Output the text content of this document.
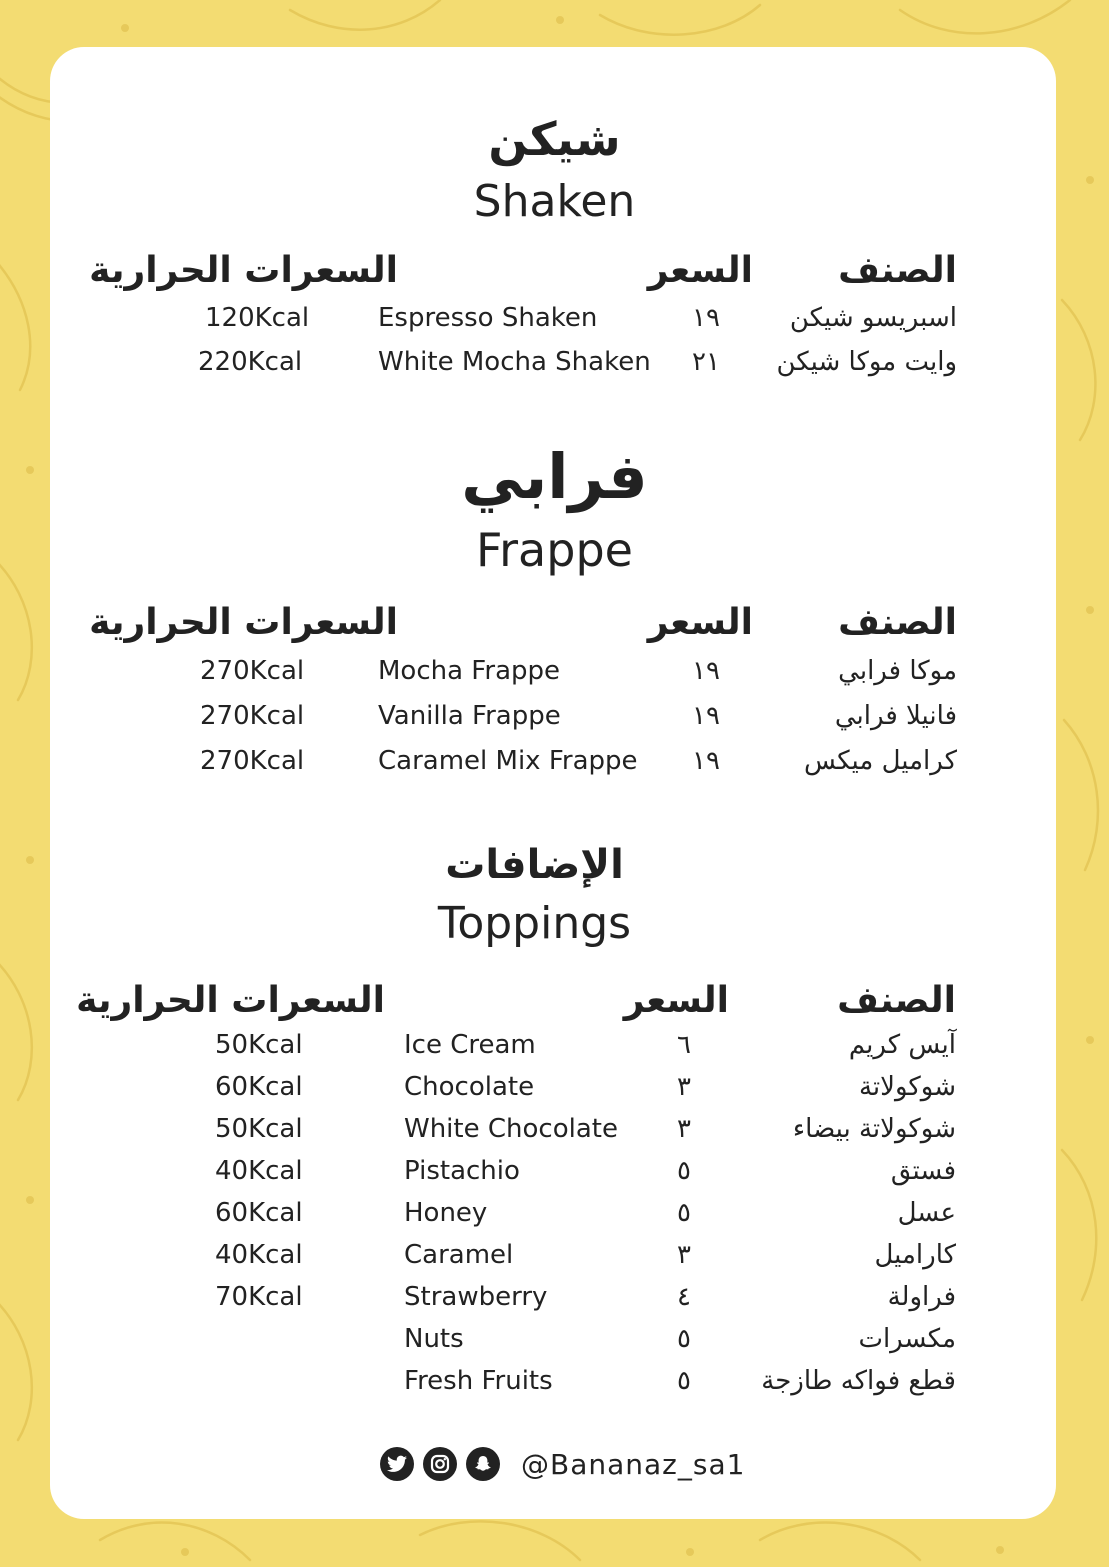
شيكن
Shaken
الصنف
السعر
السعرات الحرارية
اسبريسو شيكن
١٩
Espresso Shaken
120Kcal
وايت موكا شيكن
٢١
White Mocha Shaken
220Kcal
فرابي
Frappe
الصنف
السعر
السعرات الحرارية
موكا فرابي
١٩
Mocha Frappe
270Kcal
فانيلا فرابي
١٩
Vanilla Frappe
270Kcal
كراميل ميكس
١٩
Caramel Mix Frappe
270Kcal
الإضافات
Toppings
الصنف
السعر
السعرات الحرارية
آيس كريم
٦
Ice Cream
50Kcal
شوكولاتة
٣
Chocolate
60Kcal
شوكولاتة بيضاء
٣
White Chocolate
50Kcal
فستق
٥
Pistachio
40Kcal
عسل
٥
Honey
60Kcal
كاراميل
٣
Caramel
40Kcal
فراولة
٤
Strawberry
70Kcal
مكسرات
٥
Nuts
قطع فواكه طازجة
٥
Fresh Fruits
@Bananaz_sa1
